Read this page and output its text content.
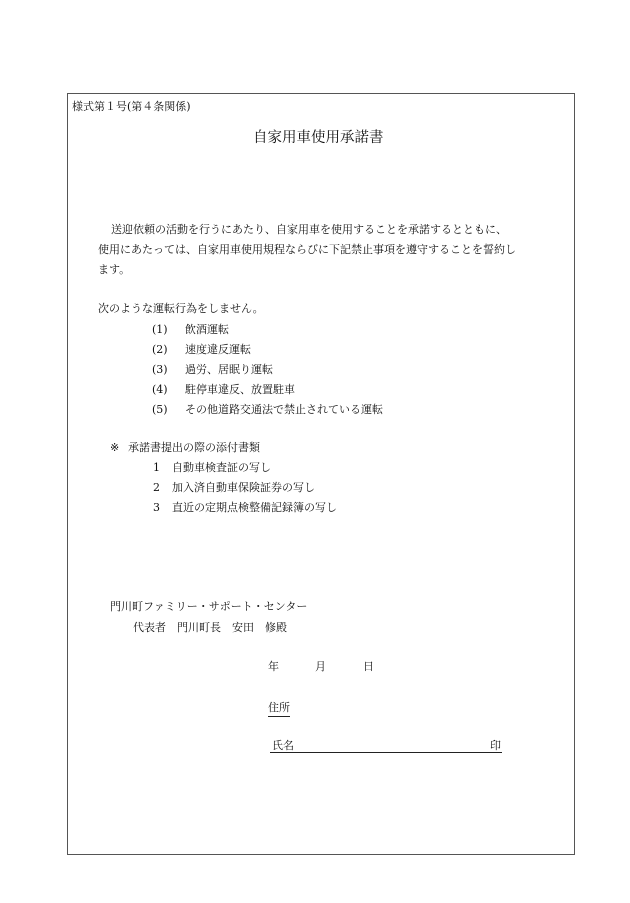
様式第１号(第４条関係)
自家用車使用承諾書
送迎依頼の活動を行うにあたり、自家用車を使用することを承諾するとともに、
使用にあたっては、自家用車使用規程ならびに下記禁止事項を遵守することを誓約し
ます。
次のような運転行為をしません。
(1) 飲酒運転
(2) 速度違反運転
(3) 過労、居眠り運転
(4) 駐停車違反、放置駐車
(5) その他道路交通法で禁止されている運転
※ 承諾書提出の際の添付書類
1 自動車検査証の写し
2 加入済自動車保険証券の写し
3 直近の定期点検整備記録簿の写し
門川町ファミリー・サポート・センター
代表者　門川町長　安田　修殿
年	月	日
住所
氏名	印
